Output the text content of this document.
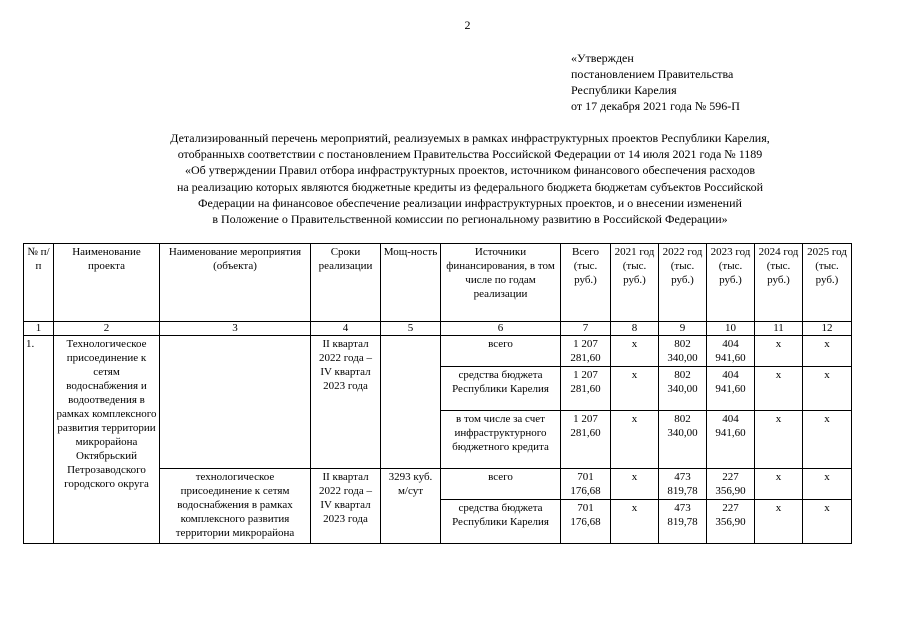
2
«Утвержден
постановлением Правительства
Республики Карелия
от 17 декабря 2021 года № 596-П
Детализированный перечень мероприятий, реализуемых в рамках инфраструктурных проектов Республики Карелия,
отобранныхв соответствии с постановлением Правительства Российской Федерации от 14 июля 2021 года № 1189
«Об утверждении Правил отбора инфраструктурных проектов, источником финансового обеспечения расходов
на реализацию которых являются бюджетные кредиты из федерального бюджета бюджетам субъектов Российской
Федерации на финансовое обеспечение реализации инфраструктурных проектов, и о внесении изменений
в Положение о Правительственной комиссии по региональному развитию в Российской Федерации»
№ п/п	Наименование проекта	Наименование мероприятия (объекта)	Сроки реализации	Мощ-ность	Источники финансирования, в том числе по годам реализации	Всего (тыс. руб.)	2021 год (тыс. руб.)	2022 год (тыс. руб.)	2023 год (тыс. руб.)	2024 год (тыс. руб.)	2025 год (тыс. руб.)
1	2	3	4	5	6	7	8	9	10	11	12
1.	Технологическое присоединение к сетям водоснабжения и водоотведения в рамках комплексного развития территории микрорайона Октябрьский Петрозаводского городского округа		II квартал 2022 года – IV квартал 2023 года		всего	1 207 281,60	х	802 340,00	404 941,60	х	х
					средства бюджета Республики Карелия	1 207 281,60	х	802 340,00	404 941,60	х	х
					в том числе за счет инфраструктурного бюджетного кредита	1 207 281,60	х	802 340,00	404 941,60	х	х
		технологическое присоединение к сетям водоснабжения в рамках комплексного развития территории микрорайона	II квартал 2022 года – IV квартал 2023 года	3293 куб. м/сут	всего	701 176,68	х	473 819,78	227 356,90	х	х
					средства бюджета Республики Карелия	701 176,68	х	473 819,78	227 356,90	х	х
